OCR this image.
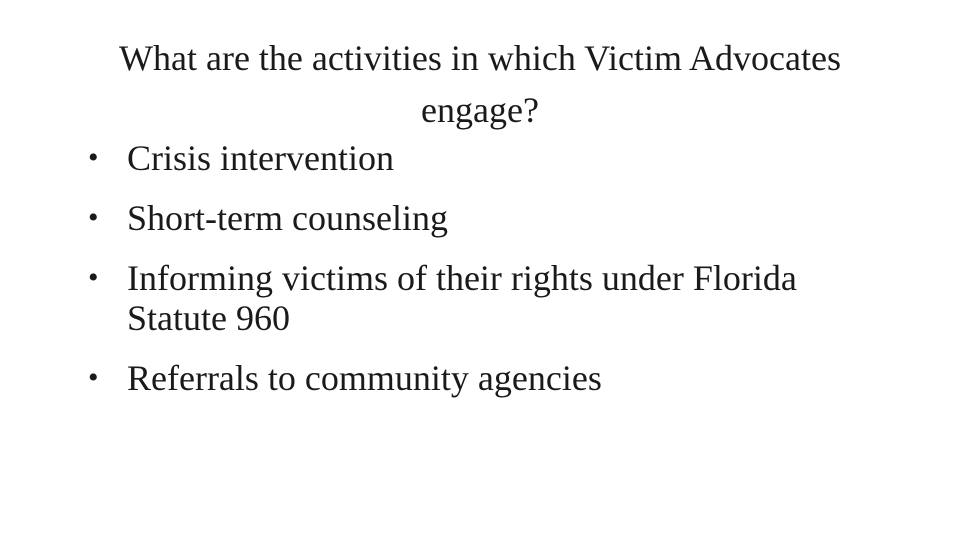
What are the activities in which Victim Advocates engage?
• Crisis intervention
• Short-term counseling
• Informing victims of their rights under Florida Statute 960
• Referrals to community agencies
